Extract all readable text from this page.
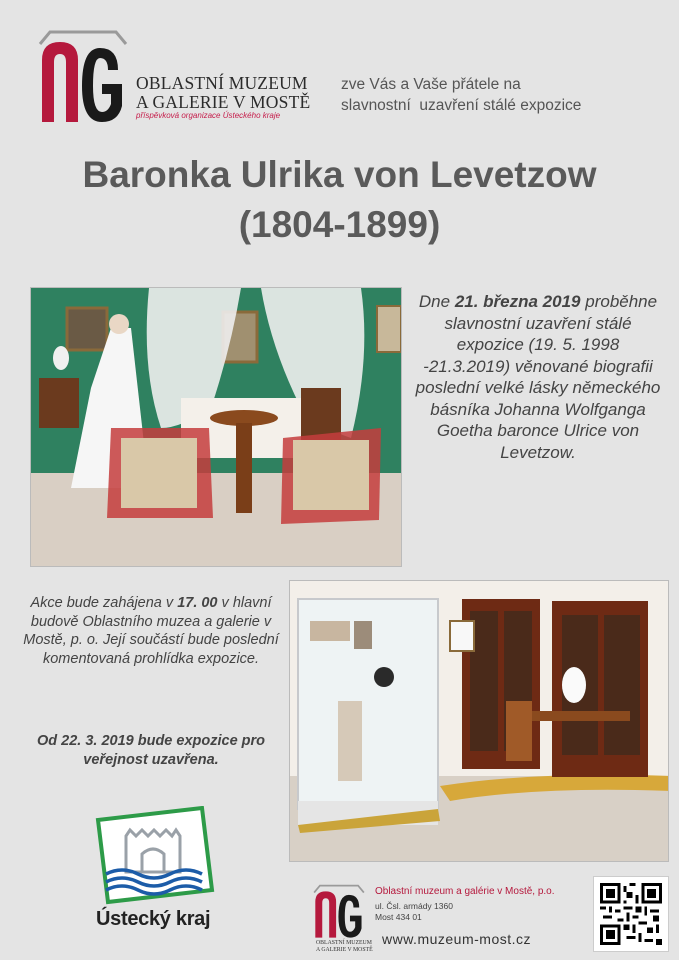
OBLASTNÍ MUZEUM
A GALERIE V MOSTĚ
příspěvková organizace Ústeckého kraje
zve Vás a Vaše přátele na
slavnostní  uzavření stálé expozice
Baronka Ulrika von Levetzow
(1804-1899)
Dne 21. března 2019 proběhne slavnostní uzavření stálé expozice (19. 5. 1998 -21.3.2019) věnované biografii poslední velké lásky německého básníka Johanna Wolfganga Goetha baronce Ulrice von Levetzow.
Akce bude zahájena v 17. 00 v hlavní budově Oblastního muzea a galerie v Mostě, p. o. Její součástí bude poslední komentovaná prohlídka expozice.
Od 22. 3. 2019 bude expozice pro veřejnost uzavřena.
Ústecký kraj
OBLASTNÍ MUZEUM
A GALERIE V MOSTĚ
Oblastní muzeum a galérie v Mostě, p.o.
ul. Čsl. armády 1360
Most 434 01
www.muzeum-most.cz
